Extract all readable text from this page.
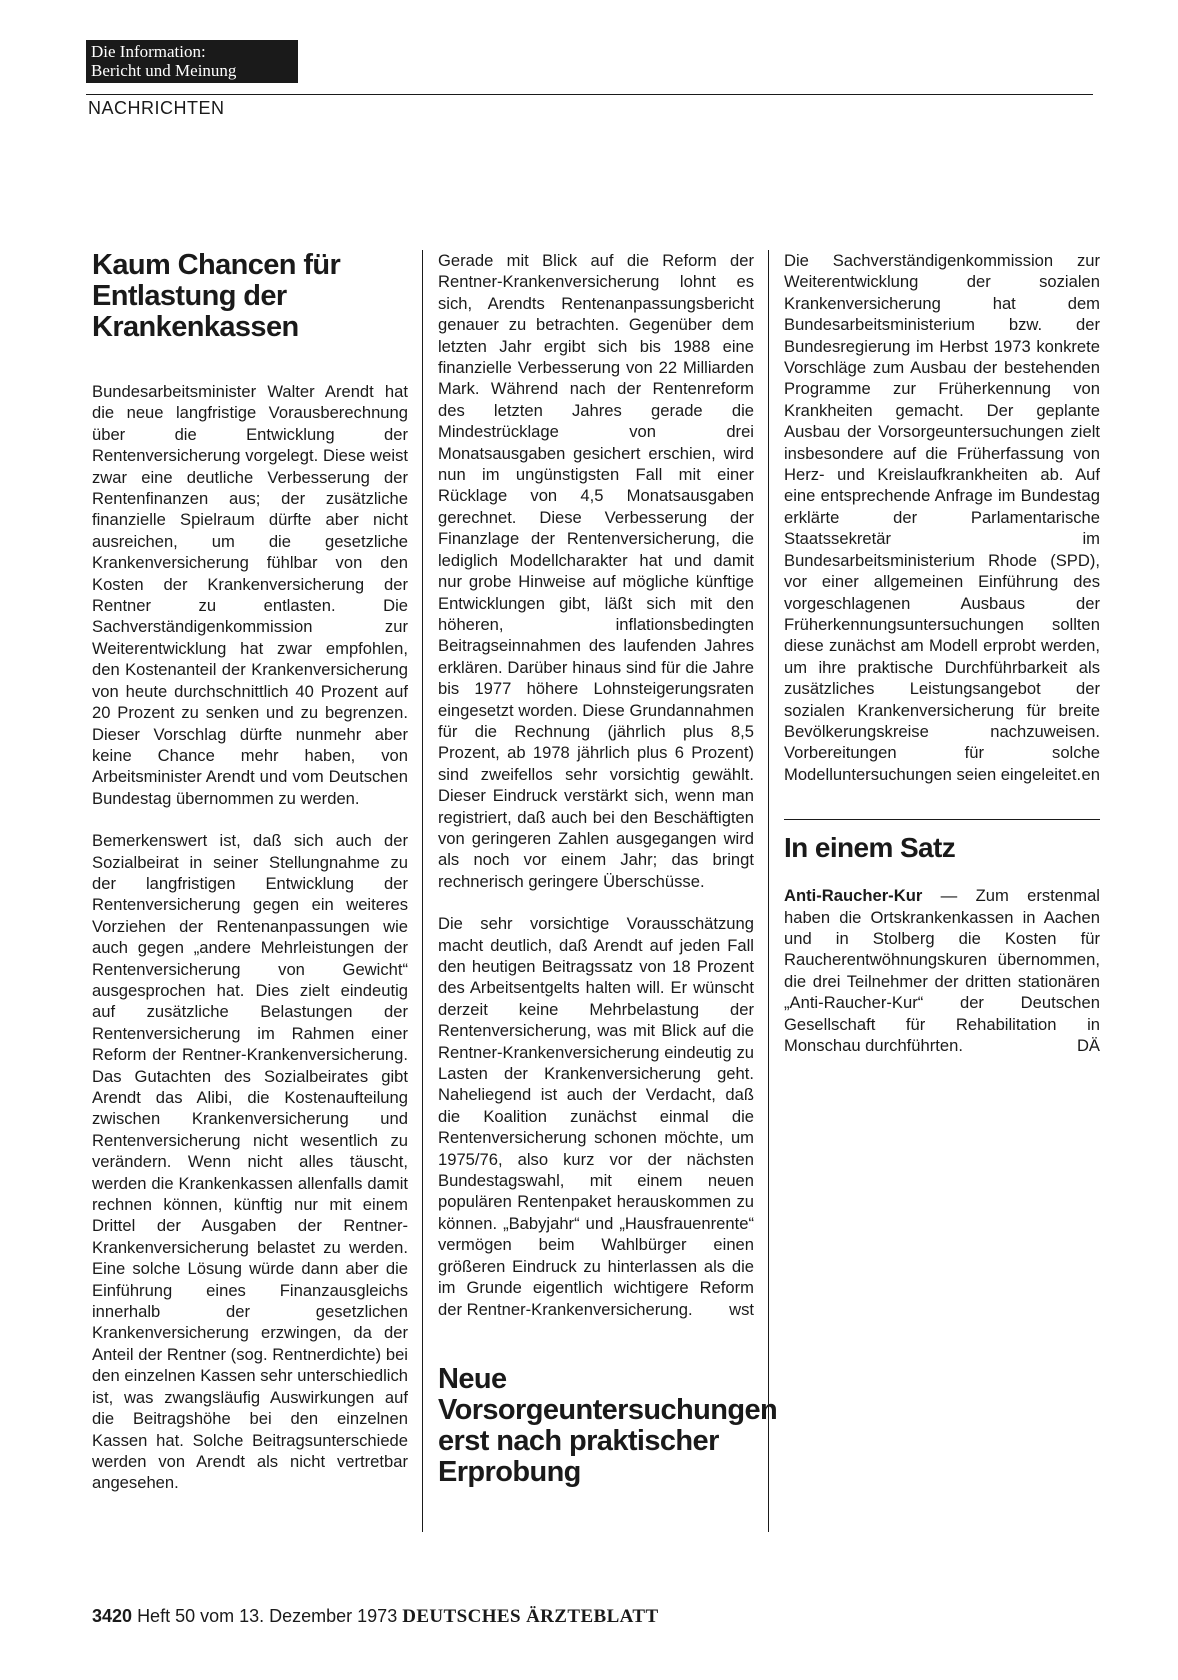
Die Information:
Bericht und Meinung
NACHRICHTEN
Kaum Chancen für Entlastung der Krankenkassen

Bundesarbeitsminister Walter Arendt hat die neue langfristige Vorausberechnung über die Entwicklung der Rentenversicherung vorgelegt. Diese weist zwar eine deutliche Verbesserung der Rentenfinanzen aus; der zusätzliche finanzielle Spielraum dürfte aber nicht ausreichen, um die gesetzliche Krankenversicherung fühlbar von den Kosten der Krankenversicherung der Rentner zu entlasten. Die Sachverständigenkommission zur Weiterentwicklung hat zwar empfohlen, den Kostenanteil der Krankenversicherung von heute durchschnittlich 40 Prozent auf 20 Prozent zu senken und zu begrenzen. Dieser Vorschlag dürfte nunmehr aber keine Chance mehr haben, von Arbeitsminister Arendt und vom Deutschen Bundestag übernommen zu werden.

Bemerkenswert ist, daß sich auch der Sozialbeirat in seiner Stellungnahme zu der langfristigen Entwicklung der Rentenversicherung gegen ein weiteres Vorziehen der Rentenanpassungen wie auch gegen „andere Mehrleistungen der Rentenversicherung von Gewicht“ ausgesprochen hat. Dies zielt eindeutig auf zusätzliche Belastungen der Rentenversicherung im Rahmen einer Reform der Rentner-Krankenversicherung. Das Gutachten des Sozialbeirates gibt Arendt das Alibi, die Kostenaufteilung zwischen Krankenversicherung und Rentenversicherung nicht wesentlich zu verändern. Wenn nicht alles täuscht, werden die Krankenkassen allenfalls damit rechnen können, künftig nur mit einem Drittel der Ausgaben der Rentner-Krankenversicherung belastet zu werden. Eine solche Lösung würde dann aber die Einführung eines Finanzausgleichs innerhalb der gesetzlichen Krankenversicherung erzwingen, da der Anteil der Rentner (sog. Rentnerdichte) bei den einzelnen Kassen sehr unterschiedlich ist, was zwangsläufig Auswirkungen auf die Beitragshöhe bei den einzelnen Kassen hat. Solche Beitragsunterschiede werden von Arendt als nicht vertretbar angesehen.

Gerade mit Blick auf die Reform der Rentner-Krankenversicherung lohnt es sich, Arendts Rentenanpassungsbericht genauer zu betrachten. Gegenüber dem letzten Jahr ergibt sich bis 1988 eine finanzielle Verbesserung von 22 Milliarden Mark. Während nach der Rentenreform des letzten Jahres gerade die Mindestrücklage von drei Monatsausgaben gesichert erschien, wird nun im ungünstigsten Fall mit einer Rücklage von 4,5 Monatsausgaben gerechnet. Diese Verbesserung der Finanzlage der Rentenversicherung, die lediglich Modellcharakter hat und damit nur grobe Hinweise auf mögliche künftige Entwicklungen gibt, läßt sich mit den höheren, inflationsbedingten Beitragseinnahmen des laufenden Jahres erklären. Darüber hinaus sind für die Jahre bis 1977 höhere Lohnsteigerungsraten eingesetzt worden. Diese Grundannahmen für die Rechnung (jährlich plus 8,5 Prozent, ab 1978 jährlich plus 6 Prozent) sind zweifellos sehr vorsichtig gewählt. Dieser Eindruck verstärkt sich, wenn man registriert, daß auch bei den Beschäftigten von geringeren Zahlen ausgegangen wird als noch vor einem Jahr; das bringt rechnerisch geringere Überschüsse.

Die sehr vorsichtige Vorausschätzung macht deutlich, daß Arendt auf jeden Fall den heutigen Beitragssatz von 18 Prozent des Arbeitsentgelts halten will. Er wünscht derzeit keine Mehrbelastung der Rentenversicherung, was mit Blick auf die Rentner-Krankenversicherung eindeutig zu Lasten der Krankenversicherung geht. Naheliegend ist auch der Verdacht, daß die Koalition zunächst einmal die Rentenversicherung schonen möchte, um 1975/76, also kurz vor der nächsten Bundestagswahl, mit einem neuen populären Rentenpaket herauskommen zu können. „Babyjahr“ und „Hausfrauenrente“ vermögen beim Wahlbürger einen größeren Eindruck zu hinterlassen als die im Grunde eigentlich wichtigere Reform der Rentner-Krankenversicherung. wst

Neue Vorsorgeuntersuchungen erst nach praktischer Erprobung

Die Sachverständigenkommission zur Weiterentwicklung der sozialen Krankenversicherung hat dem Bundesarbeitsministerium bzw. der Bundesregierung im Herbst 1973 konkrete Vorschläge zum Ausbau der bestehenden Programme zur Früherkennung von Krankheiten gemacht. Der geplante Ausbau der Vorsorgeuntersuchungen zielt insbesondere auf die Früherfassung von Herz- und Kreislaufkrankheiten ab. Auf eine entsprechende Anfrage im Bundestag erklärte der Parlamentarische Staatssekretär im Bundesarbeitsministerium Rhode (SPD), vor einer allgemeinen Einführung des vorgeschlagenen Ausbaus der Früherkennungsuntersuchungen sollten diese zunächst am Modell erprobt werden, um ihre praktische Durchführbarkeit als zusätzliches Leistungsangebot der sozialen Krankenversicherung für breite Bevölkerungskreise nachzuweisen. Vorbereitungen für solche Modelluntersuchungen seien eingeleitet. en

In einem Satz

Anti-Raucher-Kur — Zum erstenmal haben die Ortskrankenkassen in Aachen und in Stolberg die Kosten für Raucherentwöhnungskuren übernommen, die drei Teilnehmer der dritten stationären „Anti-Raucher-Kur“ der Deutschen Gesellschaft für Rehabilitation in Monschau durchführten.	DÄ

3420 Heft 50 vom 13. Dezember 1973 DEUTSCHES ÄRZTEBLATT
